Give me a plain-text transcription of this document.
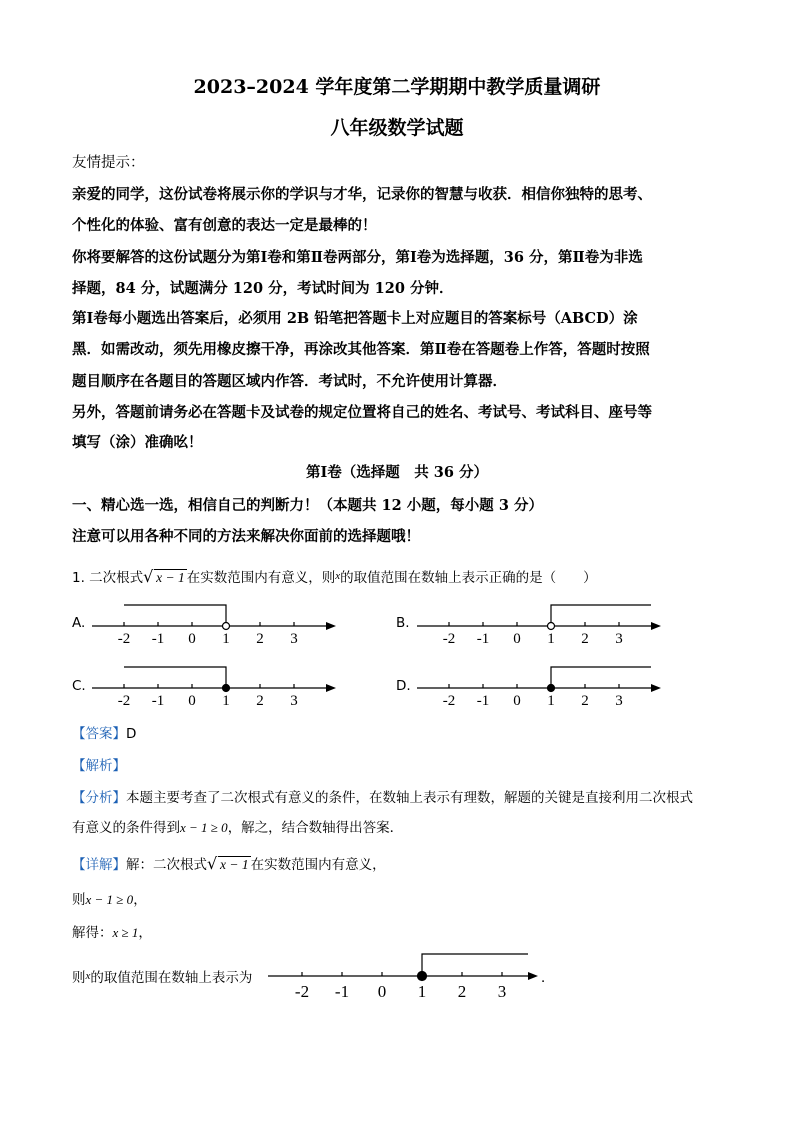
2023–2024 学年度第二学期期中教学质量调研
八年级数学试题
友情提示：
亲爱的同学，这份试卷将展示你的学识与才华，记录你的智慧与收获．相信你独特的思考、
个性化的体验、富有创意的表达一定是最棒的！
你将要解答的这份试题分为第Ⅰ卷和第Ⅱ卷两部分，第Ⅰ卷为选择题，36 分，第Ⅱ卷为非选
择题，84 分，试题满分 120 分，考试时间为 120 分钟．
第Ⅰ卷每小题选出答案后，必须用 2B 铅笔把答题卡上对应题目的答案标号（ABCD）涂
黑．如需改动，须先用橡皮擦干净，再涂改其他答案．第Ⅱ卷在答题卷上作答，答题时按照
题目顺序在各题目的答题区域内作答．考试时，不允许使用计算器．
另外，答题前请务必在答题卡及试卷的规定位置将自己的姓名、考试号、考试科目、座号等
填写（涂）准确吆！
第Ⅰ卷（选择题　共 36 分）
一、精心选一选，相信自己的判断力！（本题共 12 小题，每小题 3 分）
注意可以用各种不同的方法来解决你面前的选择题哦！
1. 二次根式 √ x − 1 在实数范围内有意义，则$^x$的取值范围在数轴上表示正确的是（　　）
A.	B.
C.	D.
-2 -1 0 1 2 3	-2 -1 0 1 2 3
-2 -1 0 1 2 3	-2 -1 0 1 2 3
【答案】D
【解析】
【分析】本题主要考查了二次根式有意义的条件，在数轴上表示有理数，解题的关键是直接利用二次根式
有意义的条件得到x − 1 ≥ 0，解之，结合数轴得出答案．
【详解】解：二次根式 √ x − 1 在实数范围内有意义，
则x − 1 ≥ 0，
解得：x ≥ 1，
则$^x$的取值范围在数轴上表示为	．
-2 -1 0 1 2 3
